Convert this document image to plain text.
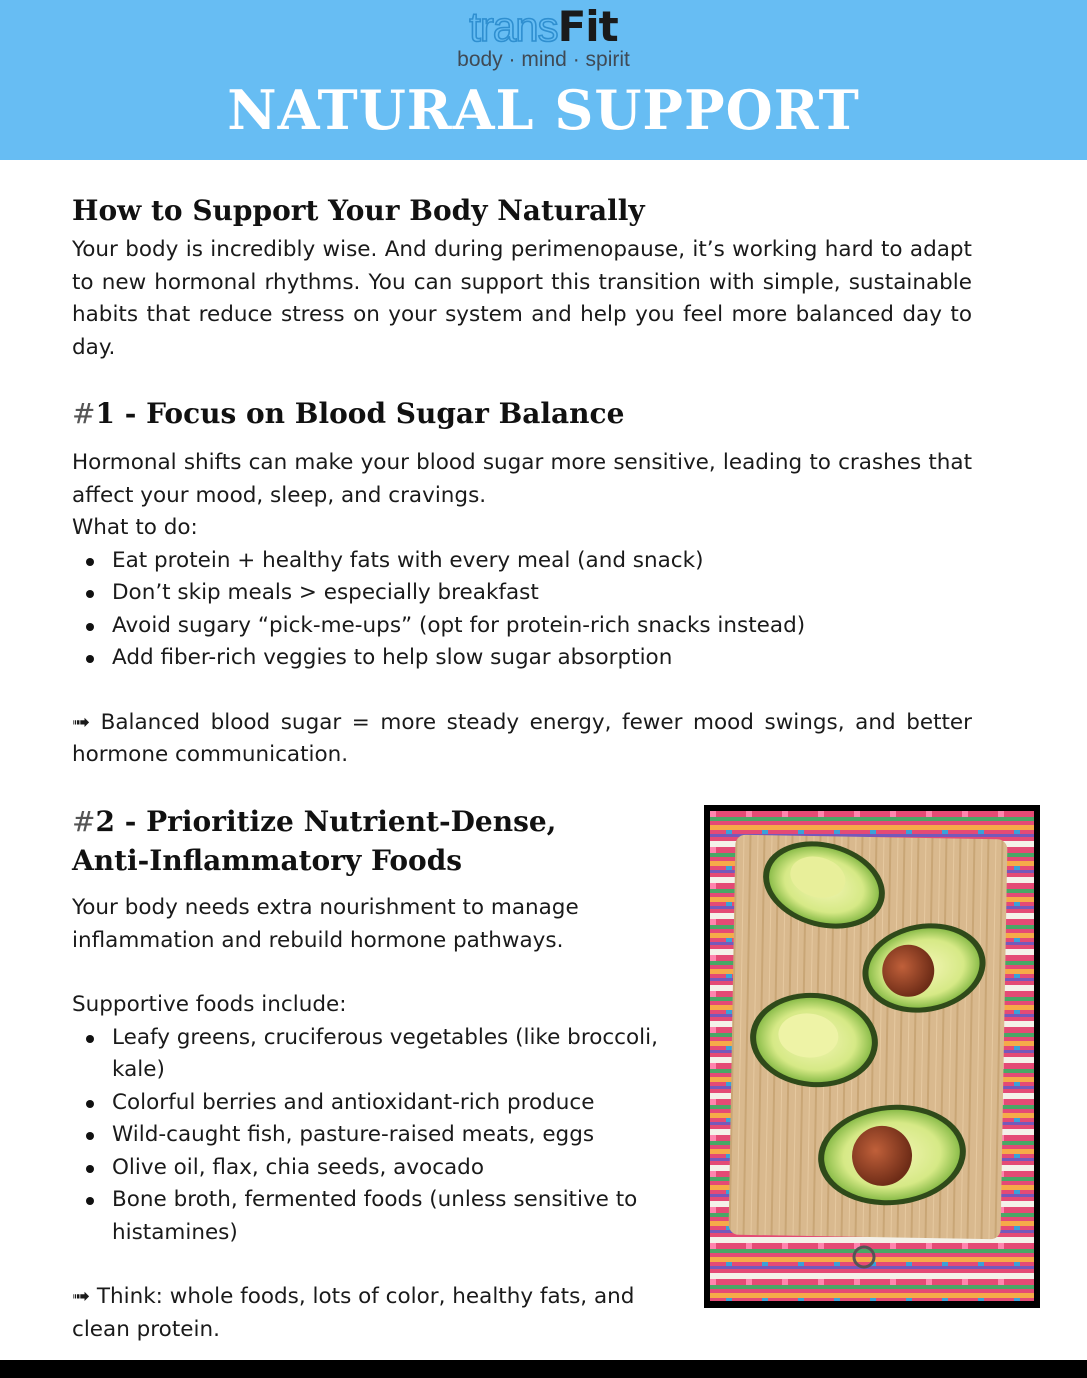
transFit
body · mind · spirit
NATURAL SUPPORT
How to Support Your Body Naturally

Your body is incredibly wise. And during perimenopause, it’s working hard to adapt to new hormonal rhythms. You can support this transition with simple, sustainable habits that reduce stress on your system and help you feel more balanced day to day.

#1 - Focus on Blood Sugar Balance

Hormonal shifts can make your blood sugar more sensitive, leading to crashes that affect your mood, sleep, and cravings.

What to do:

Eat protein + healthy fats with every meal (and snack)
Don’t skip meals > especially breakfast
Avoid sugary “pick-me-ups” (opt for protein-rich snacks instead)
Add fiber-rich veggies to help slow sugar absorption

➟ Balanced blood sugar = more steady energy, fewer mood swings, and better hormone communication.

#2 - Prioritize Nutrient-Dense,
Anti-Inflammatory Foods

Your body needs extra nourishment to manage inflammation and rebuild hormone pathways.

Supportive foods include:

Leafy greens, cruciferous vegetables (like broccoli, kale)
Colorful berries and antioxidant-rich produce
Wild-caught fish, pasture-raised meats, eggs
Olive oil, flax, chia seeds, avocado
Bone broth, fermented foods (unless sensitive to histamines)

➟ Think: whole foods, lots of color, healthy fats, and clean protein.
